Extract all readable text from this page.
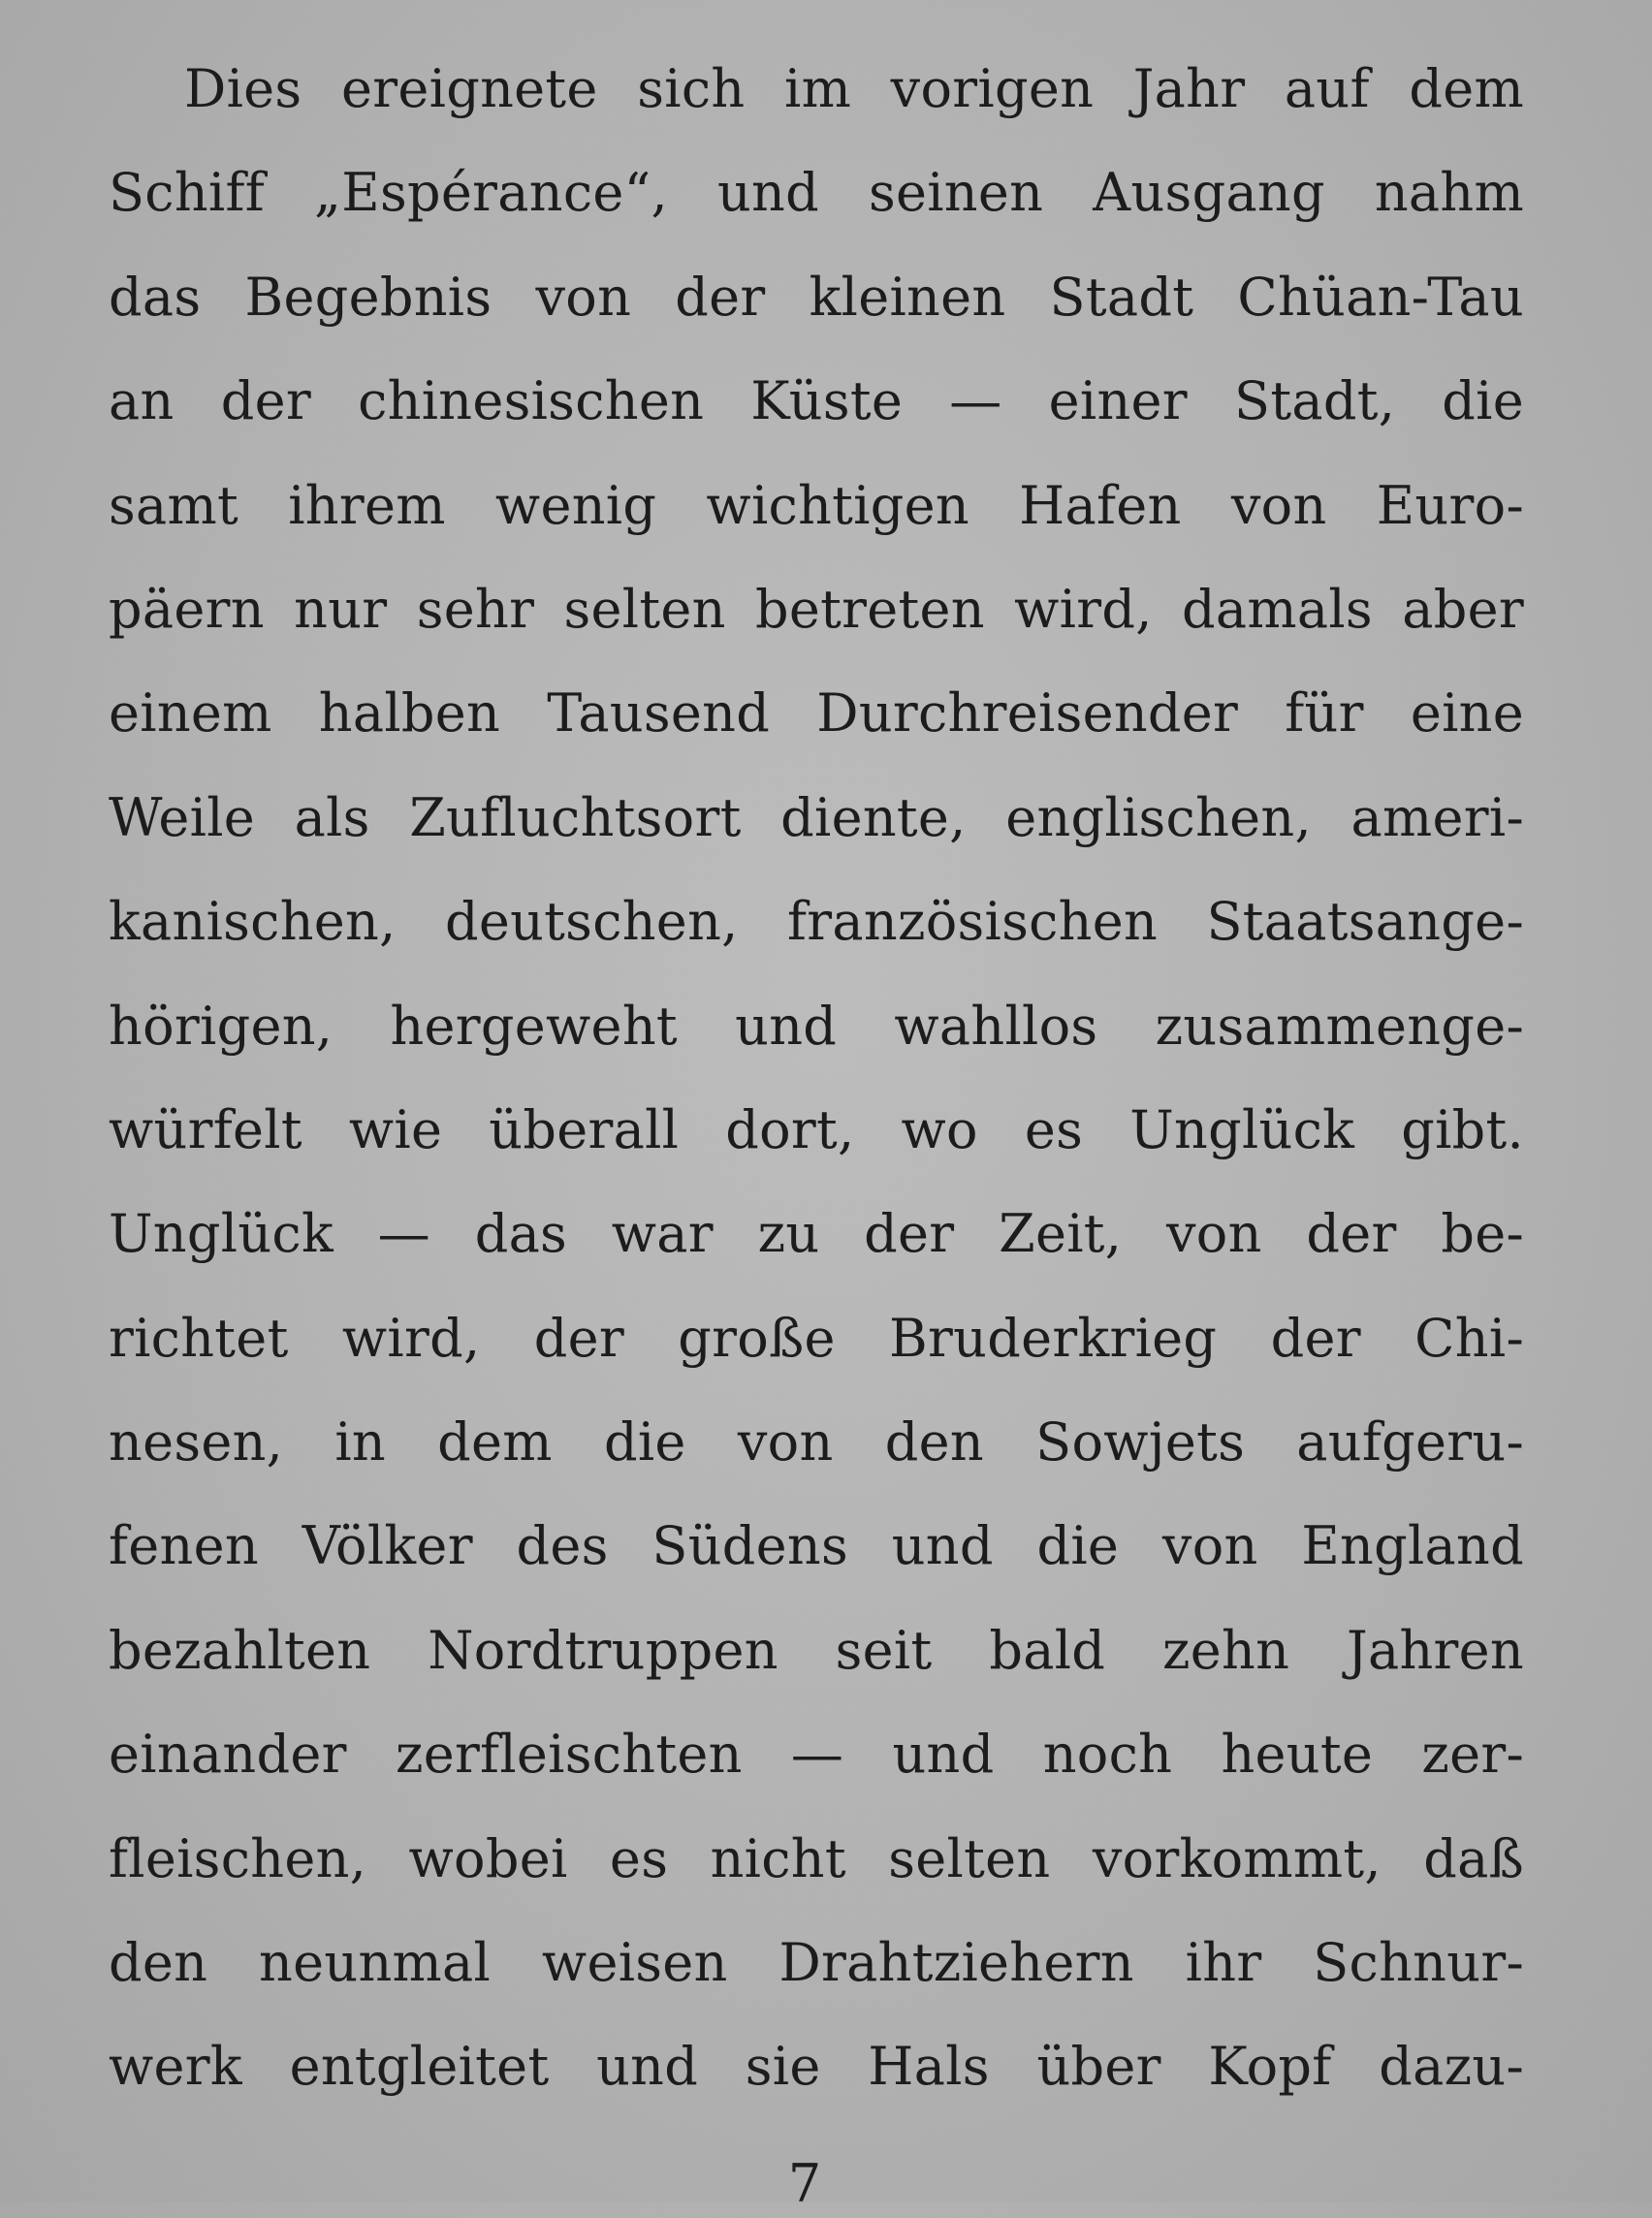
Dies ereignete sich im vorigen Jahr auf dem
Schiff „Espérance“, und seinen Ausgang nahm
das Begebnis von der kleinen Stadt Chüan-Tau
an der chinesischen Küste — einer Stadt, die
samt ihrem wenig wichtigen Hafen von Euro-
päern nur sehr selten betreten wird, damals aber
einem halben Tausend Durchreisender für eine
Weile als Zufluchtsort diente, englischen, ameri-
kanischen, deutschen, französischen Staatsange-
hörigen, hergeweht und wahllos zusammenge-
würfelt wie überall dort, wo es Unglück gibt.
Unglück — das war zu der Zeit, von der be-
richtet wird, der große Bruderkrieg der Chi-
nesen, in dem die von den Sowjets aufgeru-
fenen Völker des Südens und die von England
bezahlten Nordtruppen seit bald zehn Jahren
einander zerfleischten — und noch heute zer-
fleischen, wobei es nicht selten vorkommt, daß
den neunmal weisen Drahtziehern ihr Schnur-
werk entgleitet und sie Hals über Kopf dazu-
7
